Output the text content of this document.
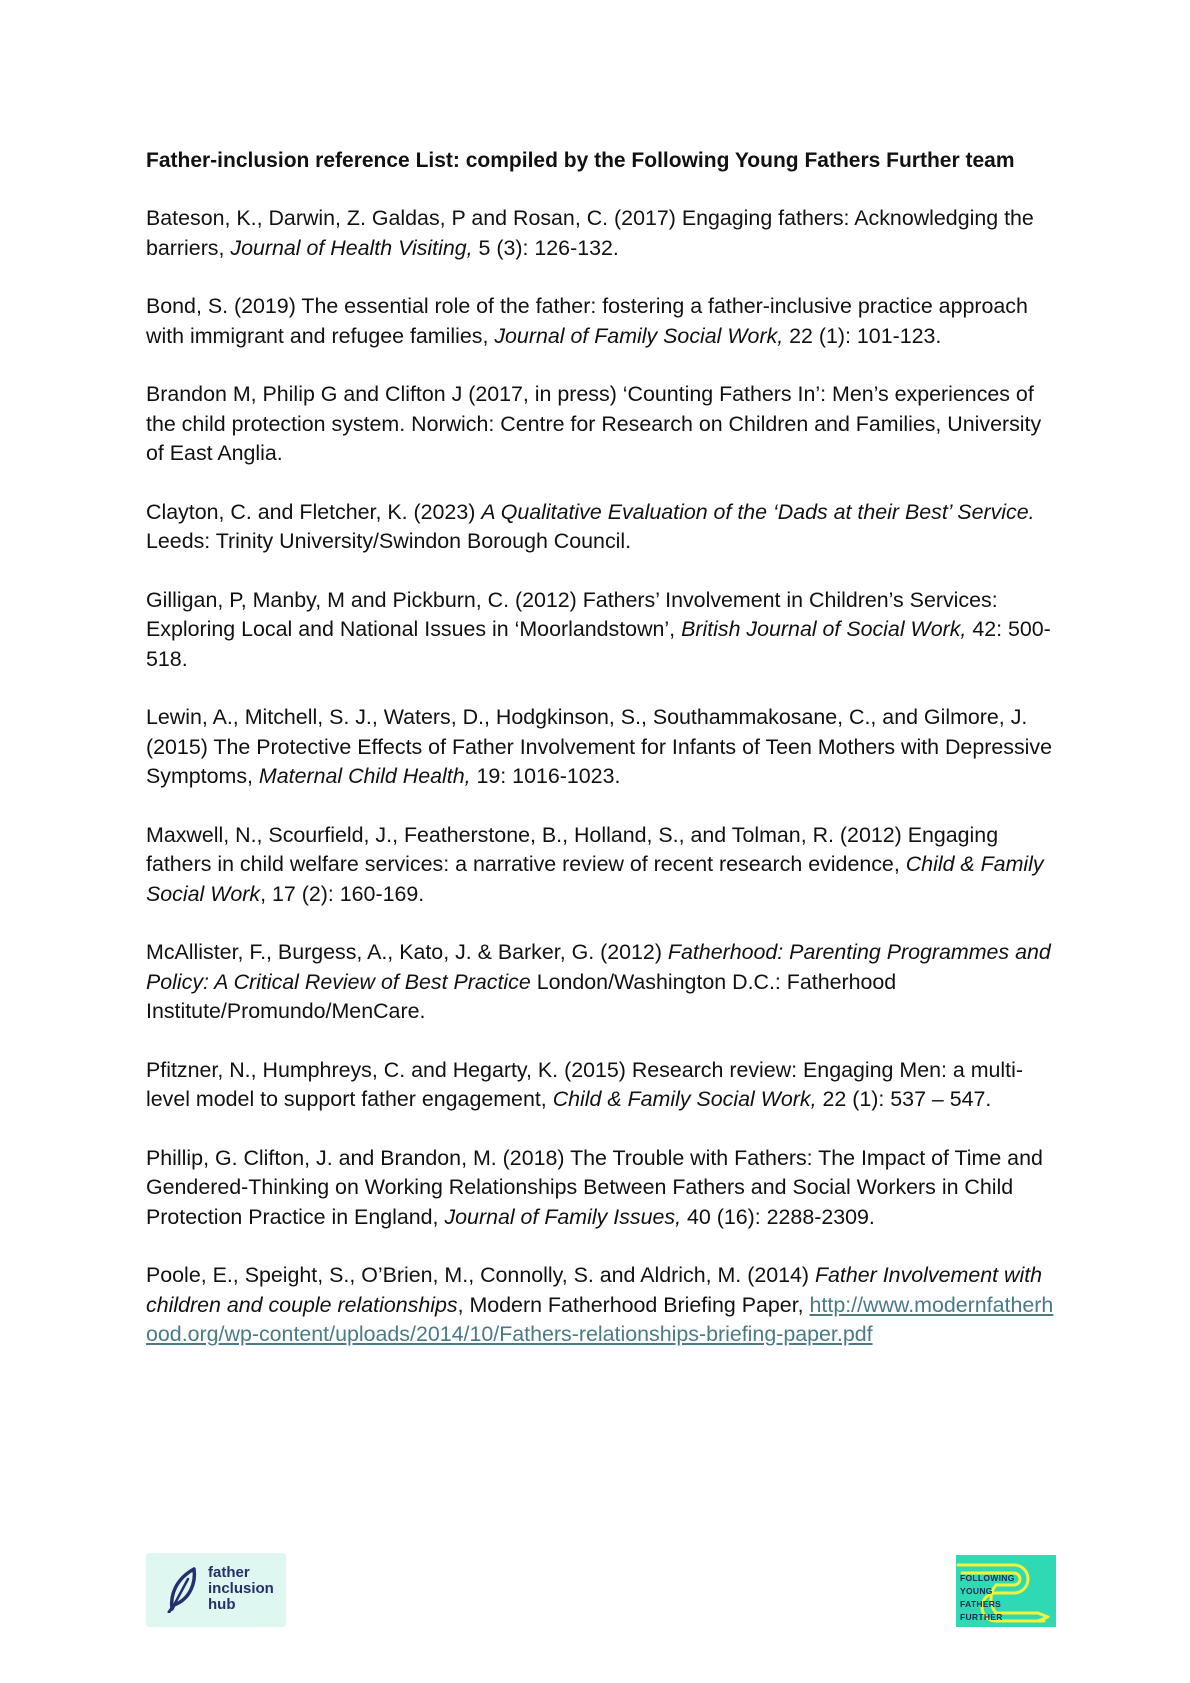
Father-inclusion reference List: compiled by the Following Young Fathers Further team

Bateson, K., Darwin, Z. Galdas, P and Rosan, C. (2017) Engaging fathers: Acknowledging the barriers, Journal of Health Visiting, 5 (3): 126-132.

Bond, S. (2019) The essential role of the father: fostering a father-inclusive practice approach with immigrant and refugee families, Journal of Family Social Work, 22 (1): 101-123.

Brandon M, Philip G and Clifton J (2017, in press) ‘Counting Fathers In’: Men’s experiences of the child protection system. Norwich: Centre for Research on Children and Families, University of East Anglia.

Clayton, C. and Fletcher, K. (2023) A Qualitative Evaluation of the ‘Dads at their Best’ Service. Leeds: Trinity University/Swindon Borough Council.

Gilligan, P, Manby, M and Pickburn, C. (2012) Fathers’ Involvement in Children’s Services: Exploring Local and National Issues in ‘Moorlandstown’, British Journal of Social Work, 42: 500- 518.

Lewin, A., Mitchell, S. J., Waters, D., Hodgkinson, S., Southammakosane, C., and Gilmore, J. (2015) The Protective Effects of Father Involvement for Infants of Teen Mothers with Depressive Symptoms, Maternal Child Health, 19: 1016-1023.

Maxwell, N., Scourfield, J., Featherstone, B., Holland, S., and Tolman, R. (2012) Engaging fathers in child welfare services: a narrative review of recent research evidence, Child & Family Social Work, 17 (2): 160-169.

McAllister, F., Burgess, A., Kato, J. & Barker, G. (2012) Fatherhood: Parenting Programmes and Policy: A Critical Review of Best Practice London/Washington D.C.: Fatherhood Institute/Promundo/MenCare.

Pfitzner, N., Humphreys, C. and Hegarty, K. (2015) Research review: Engaging Men: a multi-level model to support father engagement, Child & Family Social Work, 22 (1): 537 – 547.

Phillip, G. Clifton, J. and Brandon, M. (2018) The Trouble with Fathers: The Impact of Time and Gendered-Thinking on Working Relationships Between Fathers and Social Workers in Child Protection Practice in England, Journal of Family Issues, 40 (16): 2288-2309.

Poole, E., Speight, S., O’Brien, M., Connolly, S. and Aldrich, M. (2014) Father Involvement with children and couple relationships, Modern Fatherhood Briefing Paper, http://www.modernfatherhood.org/wp-content/uploads/2014/10/Fathers-relationships-briefing-paper.pdf

father
inclusion
hub
FOLLOWING
YOUNG
FATHERS
FURTHER
